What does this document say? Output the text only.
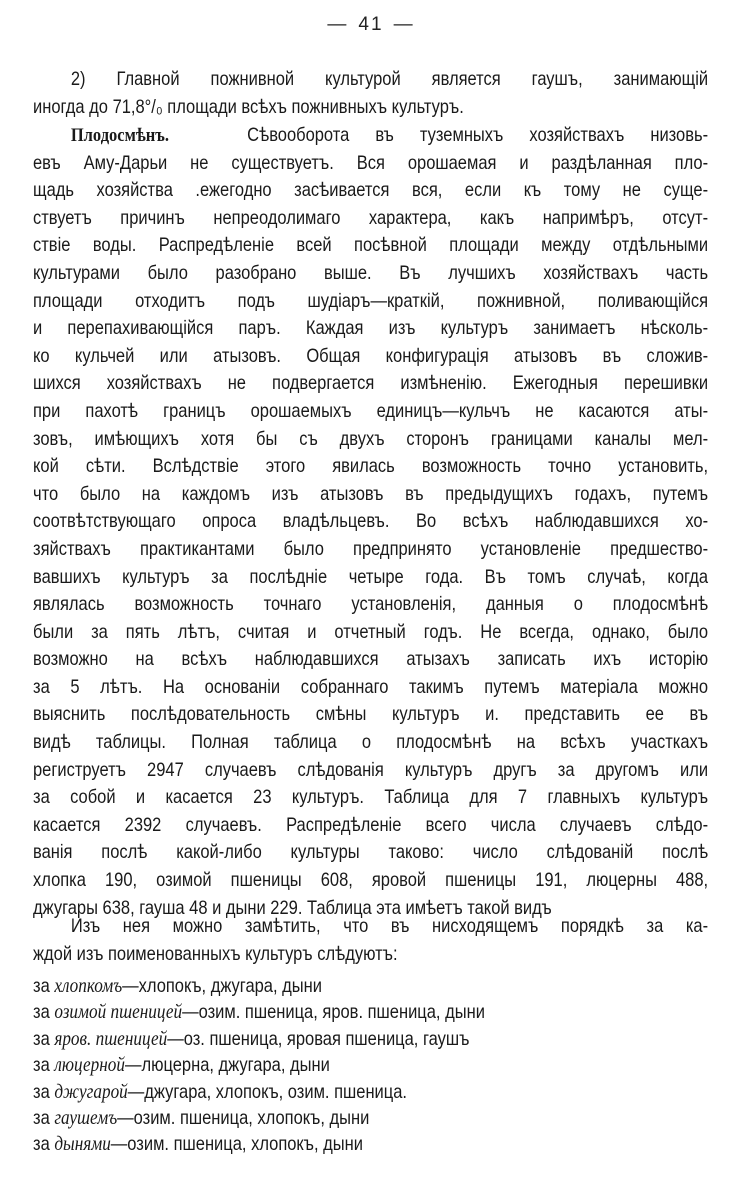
— 41 —
2) Главной пожнивной культурой является гаушъ, занимающій
иногда до 71,8°/₀ площади всѣхъ пожнивныхъ культуръ.
Плодосмѣнъ.	Сѣвооборота въ туземныхъ хозяйствахъ низовь-
евъ Аму-Дарьи не существуетъ. Вся орошаемая и раздѣланная пло-
щадь хозяйства .ежегодно засѣивается вся, если къ тому не суще-
ствуетъ причинъ непреодолимаго характера, какъ напримѣръ, отсут-
ствіе воды. Распредѣленіе всей посѣвной площади между отдѣльными
культурами было разобрано выше. Въ лучшихъ хозяйствахъ часть
площади отходитъ подъ шудіаръ—краткій, пожнивной, поливающійся
и перепахивающійся паръ. Каждая изъ культуръ занимаетъ нѣсколь-
ко кульчей или атызовъ. Общая конфигурація атызовъ въ сложив-
шихся хозяйствахъ не подвергается измѣненію. Ежегодныя перешивки
при пахотѣ границъ орошаемыхъ единицъ—кульчъ не касаются аты-
зовъ, имѣющихъ хотя бы съ двухъ сторонъ границами каналы мел-
кой сѣти. Вслѣдствіе этого явилась возможность точно установить,
что было на каждомъ изъ атызовъ въ предыдущихъ годахъ, путемъ
соотвѣтствующаго опроса владѣльцевъ. Во всѣхъ наблюдавшихся хо-
зяйствахъ практикантами было предпринято установленіе предшество-
вавшихъ культуръ за послѣдніе четыре года. Въ томъ случаѣ, когда
являлась возможность точнаго установленія, данныя о плодосмѣнѣ
были за пять лѣтъ, считая и отчетный годъ. Не всегда, однако, было
возможно на всѣхъ наблюдавшихся атызахъ записать ихъ исторію
за 5 лѣтъ. На основаніи собраннаго такимъ путемъ матеріала можно
выяснить послѣдовательность смѣны культуръ и. представить ее въ
видѣ таблицы. Полная таблица о плодосмѣнѣ на всѣхъ участкахъ
региструетъ 2947 случаевъ слѣдованія культуръ другъ за другомъ или
за собой и касается 23 культуръ. Таблица для 7 главныхъ культуръ
касается 2392 случаевъ. Распредѣленіе всего числа случаевъ слѣдо-
ванія послѣ какой-либо культуры таково: число слѣдованій послѣ
хлопка 190, озимой пшеницы 608, яровой пшеницы 191, люцерны 488,
джугары 638, гауша 48 и дыни 229. Таблица эта имѣетъ такой видъ
Изъ нея можно замѣтить, что въ нисходящемъ порядкѣ за ка-
ждой изъ поименованныхъ культуръ слѣдуютъ:
за хлопкомъ—хлопокъ, джугара, дыни
за озимой пшеницей—озим. пшеница, яров. пшеница, дыни
за яров. пшеницей—оз. пшеница, яровая пшеница, гаушъ
за люцерной—люцерна, джугара, дыни
за джугарой—джугара, хлопокъ, озим. пшеница.
за гаушемъ—озим. пшеница, хлопокъ, дыни
за дынями—озим. пшеница, хлопокъ, дыни
